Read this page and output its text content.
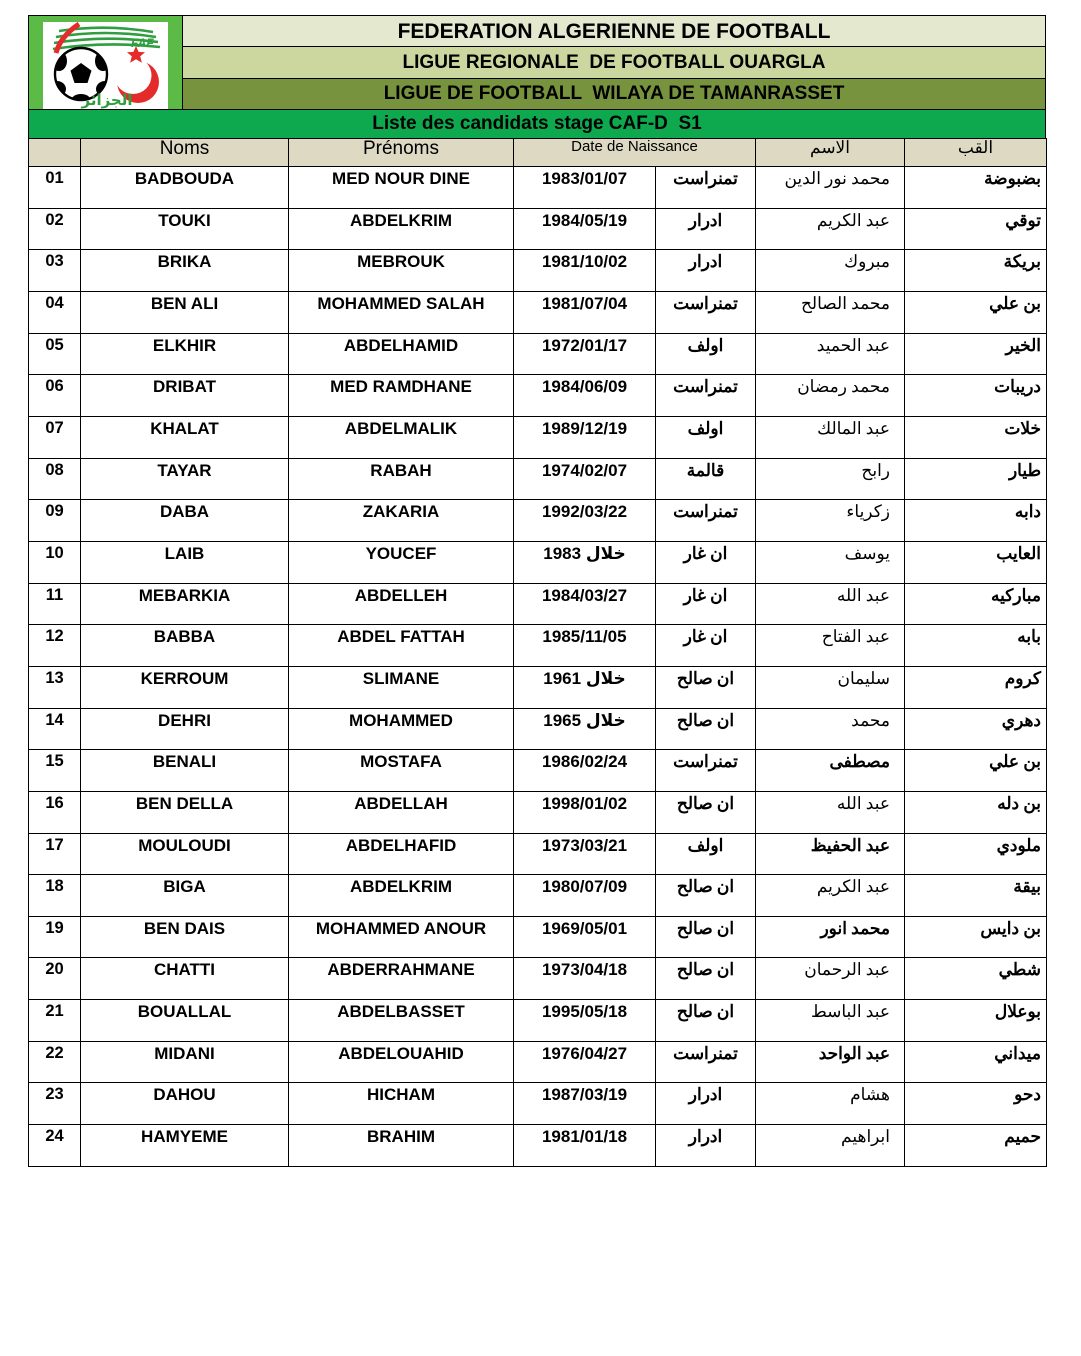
FAF
الجزائر
FEDERATION ALGERIENNE DE FOOTBALL
LIGUE REGIONALE  DE FOOTBALL OUARGLA
LIGUE DE FOOTBALL  WILAYA DE TAMANRASSET
Liste des candidats stage CAF-D  S1
	Noms	Prénoms	Date de Naissance		الاسم	القب
01	BADBOUDA	MED NOUR DINE	1983/01/07	تمنراست	محمد نور الدين	بضبوضة
02	TOUKI	ABDELKRIM	1984/05/19	ادرار	عبد الكريم	توقي
03	BRIKA	MEBROUK	1981/10/02	ادرار	مبروك	بريكة
04	BEN ALI	MOHAMMED SALAH	1981/07/04	تمنراست	محمد الصالح	بن علي
05	ELKHIR	ABDELHAMID	1972/01/17	اولف	عبد الحميد	الخير
06	DRIBAT	MED RAMDHANE	1984/06/09	تمنراست	محمد رمضان	دريبات
07	KHALAT	ABDELMALIK	1989/12/19	اولف	عبد المالك	خلات
08	TAYAR	RABAH	1974/02/07	قالمة	رابح	طيار
09	DABA	ZAKARIA	1992/03/22	تمنراست	زكرياء	دابه
10	LAIB	YOUCEF	خلال 1983	ان غار	يوسف	العايب
11	MEBARKIA	ABDELLEH	1984/03/27	ان غار	عبد الله	مباركيه
12	BABBA	ABDEL FATTAH	1985/11/05	ان غار	عبد الفتاح	بابه
13	KERROUM	SLIMANE	خلال 1961	ان صالح	سليمان	كروم
14	DEHRI	MOHAMMED	خلال 1965	ان صالح	محمد	دهري
15	BENALI	MOSTAFA	1986/02/24	تمنراست	مصطفى	بن علي
16	BEN DELLA	ABDELLAH	1998/01/02	ان صالح	عبد الله	بن دله
17	MOULOUDI	ABDELHAFID	1973/03/21	اولف	عبد الحفيظ	ملودي
18	BIGA	ABDELKRIM	1980/07/09	ان صالح	عبد الكريم	بيقة
19	BEN DAIS	MOHAMMED ANOUR	1969/05/01	ان صالح	محمد انور	بن دايس
20	CHATTI	ABDERRAHMANE	1973/04/18	ان صالح	عبد الرحمان	شطي
21	BOUALLAL	ABDELBASSET	1995/05/18	ان صالح	عبد الباسط	بوعلال
22	MIDANI	ABDELOUAHID	1976/04/27	تمنراست	عبد الواحد	ميداني
23	DAHOU	HICHAM	1987/03/19	ادرار	هشام	دحو
24	HAMYEME	BRAHIM	1981/01/18	ادرار	ابراهيم	حميم
